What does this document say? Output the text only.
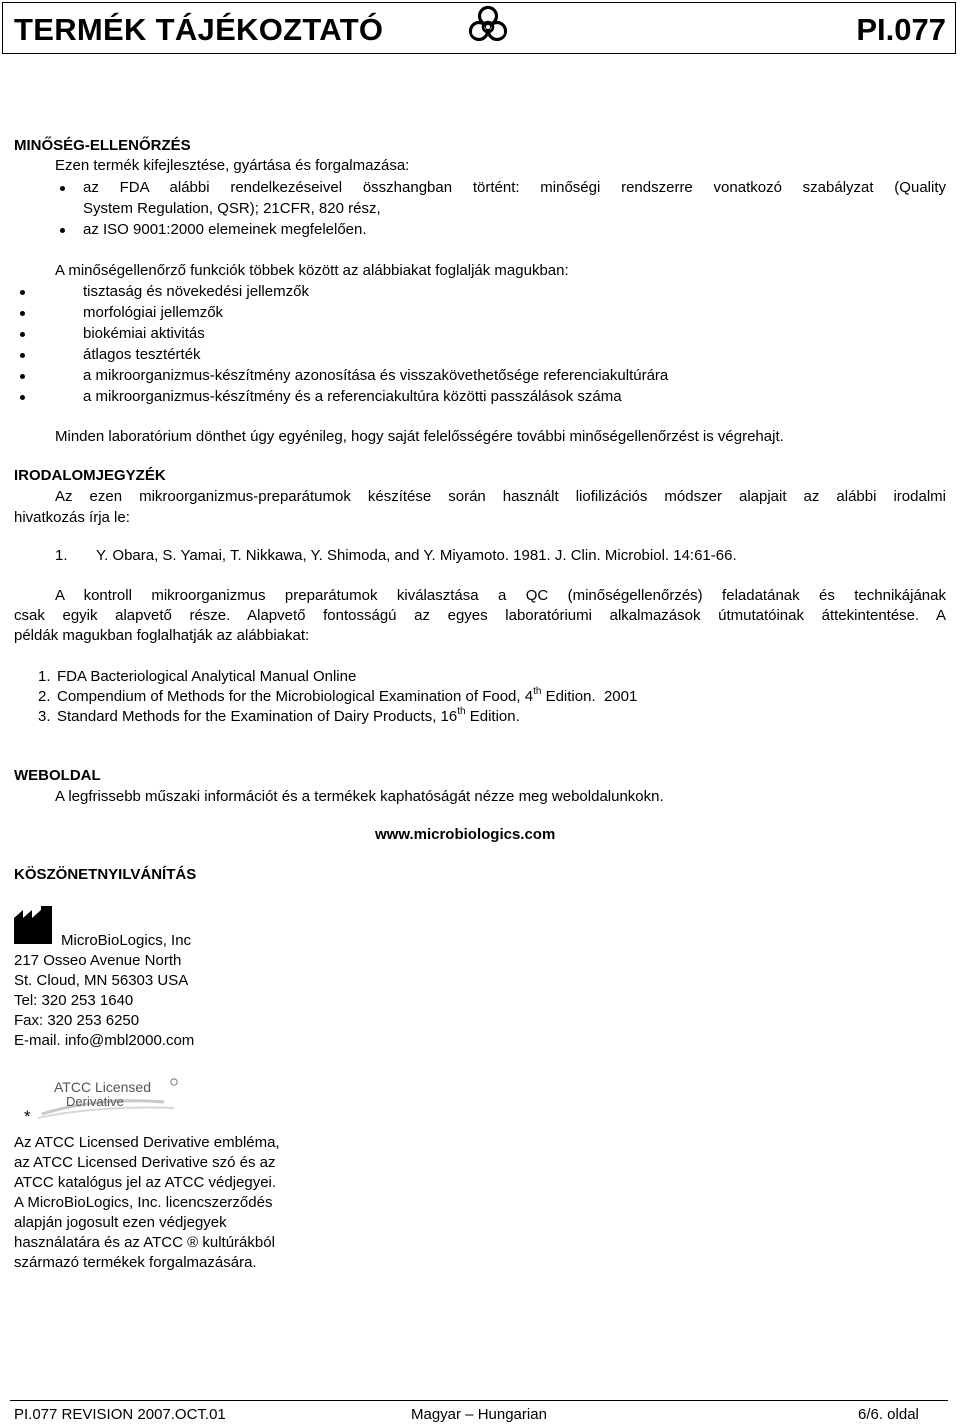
TERMÉK TÁJÉKOZTATÓ	PI.077
MINŐSÉG-ELLENŐRZÉS
Ezen termék kifejlesztése, gyártása és forgalmazása:
az FDA alábbi rendelkezéseivel összhangban történt: minőségi rendszerre vonatkozó szabályzat (Quality
System Regulation, QSR); 21CFR, 820 rész,
az ISO 9001:2000 elemeinek megfelelően.
A minőségellenőrző funkciók többek között az alábbiakat foglalják magukban:
tisztaság és növekedési jellemzők
morfológiai jellemzők
biokémiai aktivitás
átlagos tesztérték
a mikroorganizmus-készítmény azonosítása és visszakövethetősége referenciakultúrára
a mikroorganizmus-készítmény és a referenciakultúra közötti passzálások száma
Minden laboratórium dönthet úgy egyénileg, hogy saját felelősségére további minőségellenőrzést is végrehajt.
IRODALOMJEGYZÉK
Az ezen mikroorganizmus-preparátumok készítése során használt liofilizációs módszer alapjait az alábbi irodalmi
hivatkozás írja le:
1. Y. Obara, S. Yamai, T. Nikkawa, Y. Shimoda, and Y. Miyamoto. 1981. J. Clin. Microbiol. 14:61-66.
A kontroll mikroorganizmus preparátumok kiválasztása a QC (minőségellenőrzés) feladatának és technikájának
csak egyik alapvető része. Alapvető fontosságú az egyes laboratóriumi alkalmazások útmutatóinak áttekintentése. A
példák magukban foglalhatják az alábbiakat:
1. FDA Bacteriological Analytical Manual Online
2. Compendium of Methods for the Microbiological Examination of Food, 4th Edition.  2001
3. Standard Methods for the Examination of Dairy Products, 16th Edition.
WEBOLDAL
A legfrissebb műszaki információt és a termékek kaphatóságát nézze meg weboldalunkokn.
www.microbiologics.com
KÖSZÖNETNYILVÁNÍTÁS
MicroBioLogics, Inc
217 Osseo Avenue North
St. Cloud, MN 56303 USA
Tel: 320 253 1640
Fax: 320 253 6250
E-mail. info@mbl2000.com
ATCC Licensed
Derivative
*
Az ATCC Licensed Derivative embléma,
az ATCC Licensed Derivative szó és az
ATCC katalógus jel az ATCC védjegyei.
A MicroBioLogics, Inc. licencszerződés
alapján jogosult ezen védjegyek
használatára és az ATCC ® kultúrákból
származó termékek forgalmazására.
PI.077 REVISION 2007.OCT.01	Magyar – Hungarian	6/6. oldal
